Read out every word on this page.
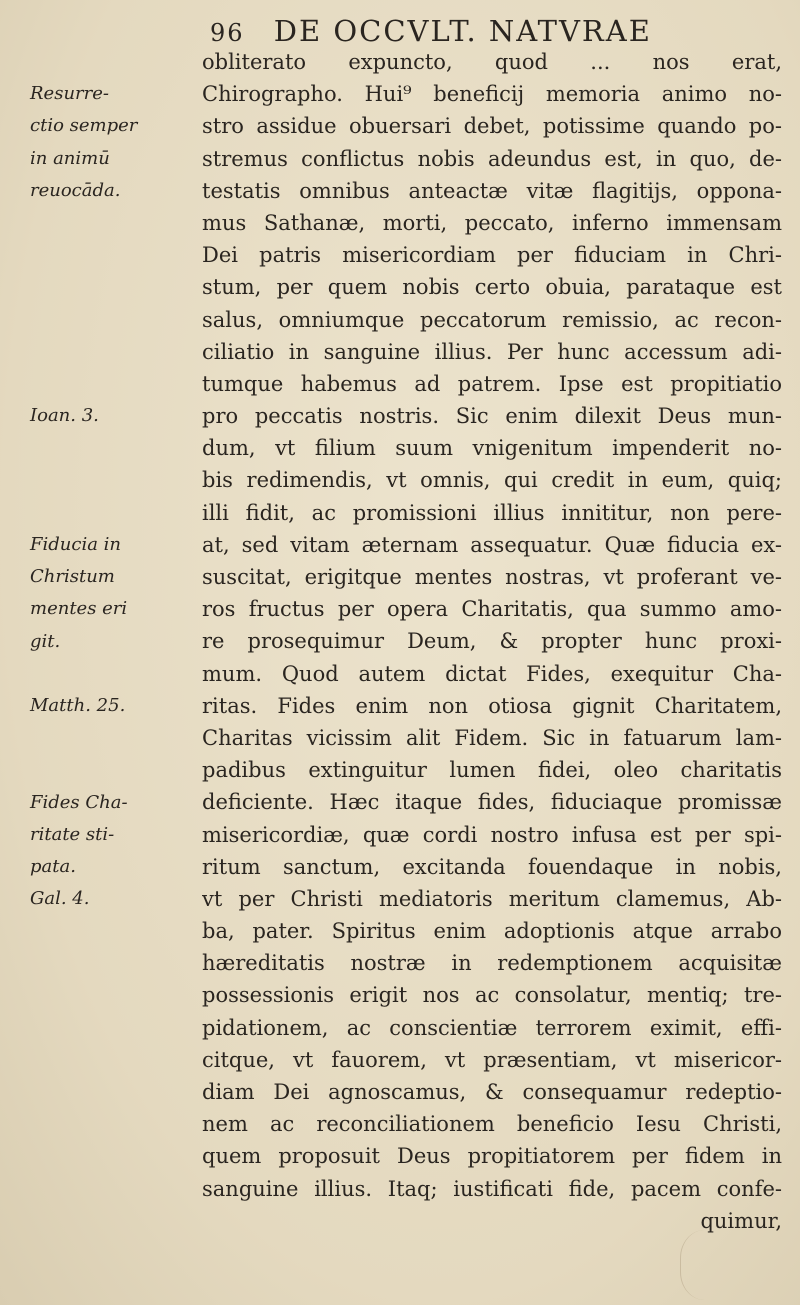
96 DE OCCVLT. NATVRAE
obliterato expuncto, quod ... nos erat,
Chirographo. Hui⁹ beneficij memoria animo no-
stro assidue obuersari debet, potissime quando po-
stremus conflictus nobis adeundus est, in quo, de-
testatis omnibus anteactæ vitæ flagitijs, oppona-
mus Sathanæ, morti, peccato, inferno immensam
Dei patris misericordiam per fiduciam in Chri-
stum, per quem nobis certo obuia, parataque est
salus, omniumque peccatorum remissio, ac recon-
ciliatio in sanguine illius. Per hunc accessum adi-
tumque habemus ad patrem. Ipse est propitiatio
pro peccatis nostris. Sic enim dilexit Deus mun-
dum, vt filium suum vnigenitum impenderit no-
bis redimendis, vt omnis, qui credit in eum, quiq;
illi fidit, ac promissioni illius innititur, non pere-
at, sed vitam æternam assequatur. Quæ fiducia ex-
suscitat, erigitque mentes nostras, vt proferant ve-
ros fructus per opera Charitatis, qua summo amo-
re prosequimur Deum, & propter hunc proxi-
mum. Quod autem dictat Fides, exequitur Cha-
ritas. Fides enim non otiosa gignit Charitatem,
Charitas vicissim alit Fidem. Sic in fatuarum lam-
padibus extinguitur lumen fidei, oleo charitatis
deficiente. Hæc itaque fides, fiduciaque promissæ
misericordiæ, quæ cordi nostro infusa est per spi-
ritum sanctum, excitanda fouendaque in nobis,
vt per Christi mediatoris meritum clamemus, Ab-
ba, pater. Spiritus enim adoptionis atque arrabo
hæreditatis nostræ in redemptionem acquisitæ
possessionis erigit nos ac consolatur, mentiq; tre-
pidationem, ac conscientiæ terrorem eximit, effi-
citque, vt fauorem, vt præsentiam, vt misericor-
diam Dei agnoscamus, & consequamur redeptio-
nem ac reconciliationem beneficio Iesu Christi,
quem proposuit Deus propitiatorem per fidem in
sanguine illius. Itaq; iustificati fide, pacem confe-
quimur,
Resurre-
ctio semper
in animū
reuocāda.
Ioan. 3.
Fiducia in
Christum
mentes eri
git.
Matth. 25.
Fides Cha-
ritate sti-
pata.
Gal. 4.
